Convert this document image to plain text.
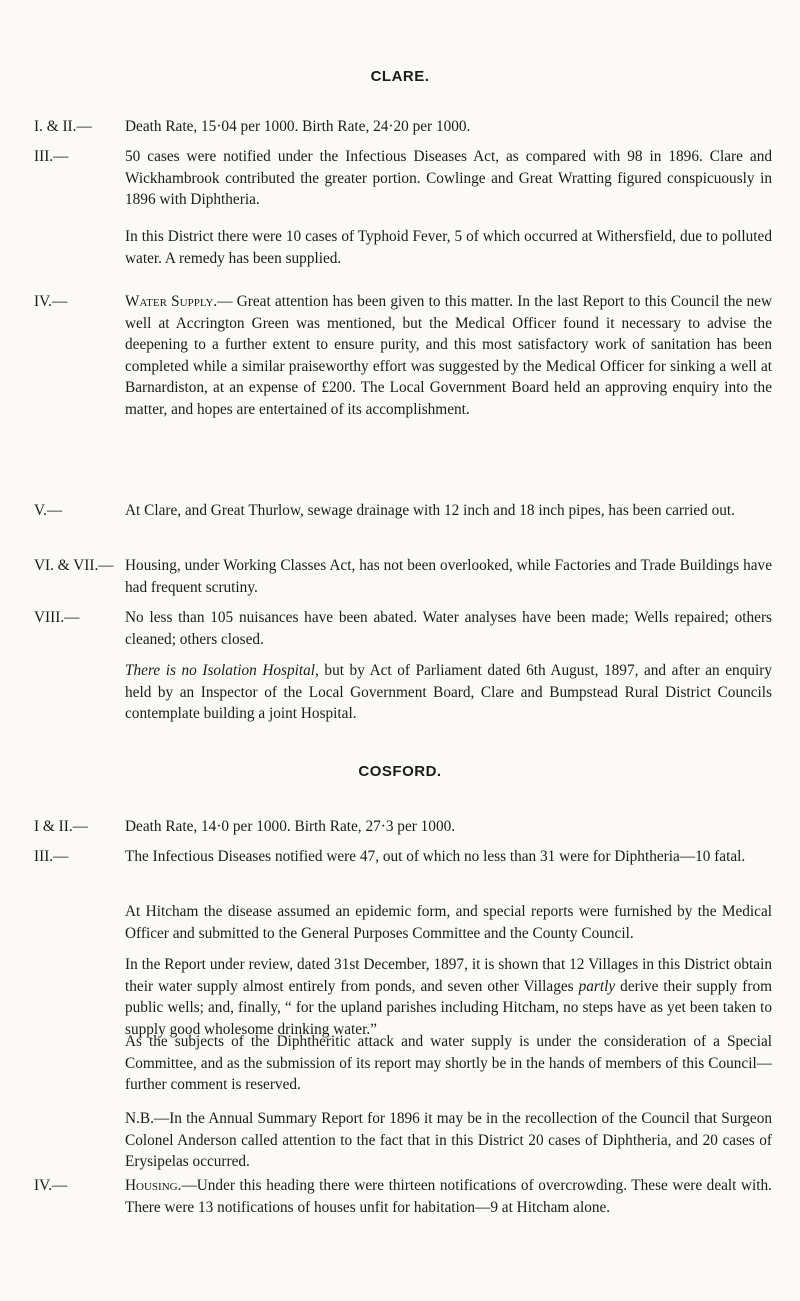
CLARE.
I. & II.— Death Rate, 15·04 per 1000. Birth Rate, 24·20 per 1000.
III.—	50 cases were notified under the Infectious Diseases Act, as compared with 98 in 1896. Clare and Wickhambrook contributed the greater portion. Cowlinge and Great Wratting figured conspicuously in 1896 with Diphtheria.
In this District there were 10 cases of Typhoid Fever, 5 of which occurred at Withersfield, due to polluted water. A remedy has been supplied.
IV.—	Water Supply.— Great attention has been given to this matter. In the last Report to this Council the new well at Accrington Green was mentioned, but the Medical Officer found it necessary to advise the deepening to a further extent to ensure purity, and this most satisfactory work of sanitation has been completed while a similar praiseworthy effort was suggested by the Medical Officer for sinking a well at Barnardiston, at an expense of £200. The Local Government Board held an approving enquiry into the matter, and hopes are entertained of its accomplishment.
V.—	At Clare, and Great Thurlow, sewage drainage with 12 inch and 18 inch pipes, has been carried out.
VI. & VII.— Housing, under Working Classes Act, has not been overlooked, while Factories and Trade Buildings have had frequent scrutiny.
VIII.—	No less than 105 nuisances have been abated. Water analyses have been made; Wells repaired; others cleaned; others closed.
There is no Isolation Hospital, but by Act of Parliament dated 6th August, 1897, and after an enquiry held by an Inspector of the Local Government Board, Clare and Bumpstead Rural District Councils contemplate building a joint Hospital.
COSFORD.
I & II.— Death Rate, 14·0 per 1000. Birth Rate, 27·3 per 1000.
III.—	The Infectious Diseases notified were 47, out of which no less than 31 were for Diphtheria—10 fatal.
At Hitcham the disease assumed an epidemic form, and special reports were furnished by the Medical Officer and submitted to the General Purposes Committee and the County Council.
In the Report under review, dated 31st December, 1897, it is shown that 12 Villages in this District obtain their water supply almost entirely from ponds, and seven other Villages partly derive their supply from public wells; and, finally, “ for the upland parishes including Hitcham, no steps have as yet been taken to supply good wholesome drinking water.”
As the subjects of the Diphtheritic attack and water supply is under the consideration of a Special Committee, and as the submission of its report may shortly be in the hands of members of this Council—further comment is reserved.
N.B.—In the Annual Summary Report for 1896 it may be in the recollection of the Council that Surgeon Colonel Anderson called attention to the fact that in this District 20 cases of Diphtheria, and 20 cases of Erysipelas occurred.
IV.—	Housing.—Under this heading there were thirteen notifications of overcrowding. These were dealt with. There were 13 notifications of houses unfit for habitation—9 at Hitcham alone.
